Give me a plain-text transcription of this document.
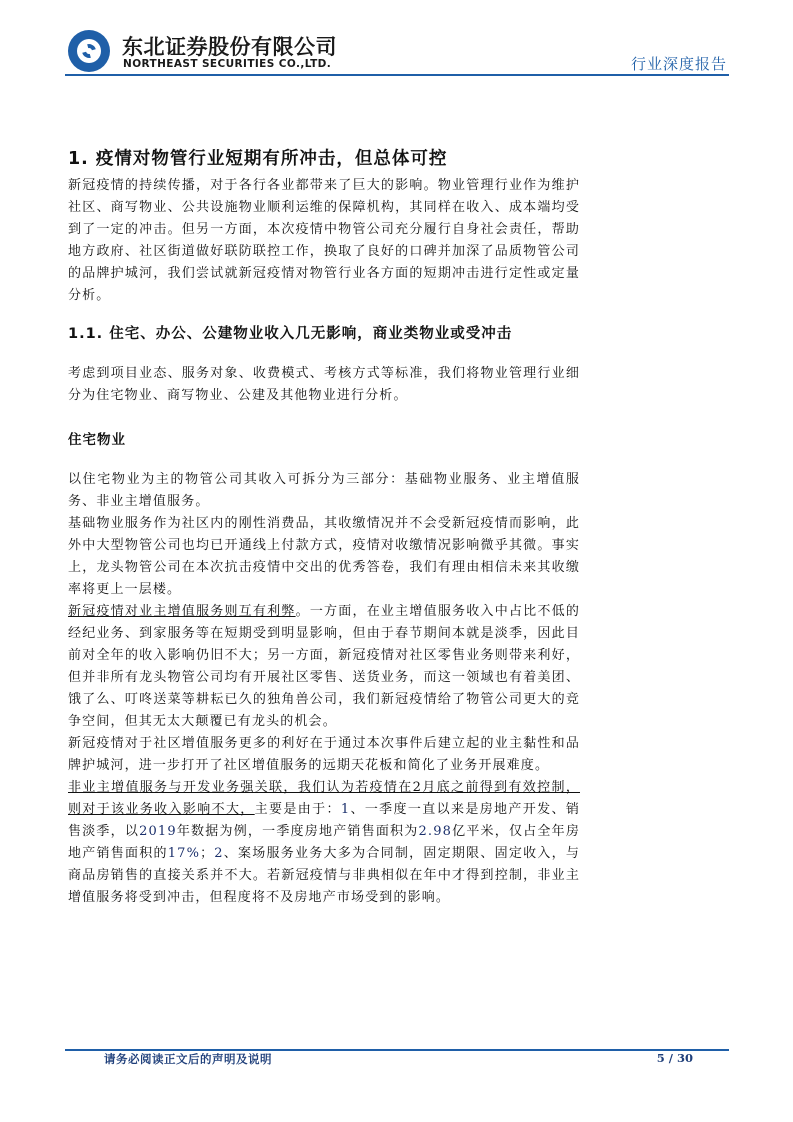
东北证券股份有限公司
NORTHEAST SECURITIES CO.,LTD.	行业深度报告
1. 疫情对物管行业短期有所冲击，但总体可控

新冠疫情的持续传播，对于各行各业都带来了巨大的影响。物业管理行业作为维护社区、商写物业、公共设施物业顺利运维的保障机构，其同样在收入、成本端均受到了一定的冲击。但另一方面，本次疫情中物管公司充分履行自身社会责任，帮助地方政府、社区街道做好联防联控工作，换取了良好的口碑并加深了品质物管公司的品牌护城河，我们尝试就新冠疫情对物管行业各方面的短期冲击进行定性或定量分析。

1.1. 住宅、办公、公建物业收入几无影响，商业类物业或受冲击

考虑到项目业态、服务对象、收费模式、考核方式等标准，我们将物业管理行业细分为住宅物业、商写物业、公建及其他物业进行分析。

住宅物业

以住宅物业为主的物管公司其收入可拆分为三部分：基础物业服务、业主增值服务、非业主增值服务。

基础物业服务作为社区内的刚性消费品，其收缴情况并不会受新冠疫情而影响，此外中大型物管公司也均已开通线上付款方式，疫情对收缴情况影响微乎其微。事实上，龙头物管公司在本次抗击疫情中交出的优秀答卷，我们有理由相信未来其收缴率将更上一层楼。

新冠疫情对业主增值服务则互有利弊。一方面，在业主增值服务收入中占比不低的经纪业务、到家服务等在短期受到明显影响，但由于春节期间本就是淡季，因此目前对全年的收入影响仍旧不大；另一方面，新冠疫情对社区零售业务则带来利好，但并非所有龙头物管公司均有开展社区零售、送货业务，而这一领域也有着美团、饿了么、叮咚送菜等耕耘已久的独角兽公司，我们新冠疫情给了物管公司更大的竞争空间，但其无太大颠覆已有龙头的机会。

新冠疫情对于社区增值服务更多的利好在于通过本次事件后建立起的业主黏性和品牌护城河，进一步打开了社区增值服务的远期天花板和简化了业务开展难度。

非业主增值服务与开发业务强关联，我们认为若疫情在2月底之前得到有效控制，则对于该业务收入影响不大，主要是由于：1、一季度一直以来是房地产开发、销售淡季，以2019年数据为例，一季度房地产销售面积为2.98亿平米，仅占全年房地产销售面积的17%；2、案场服务业务大多为合同制，固定期限、固定收入，与商品房销售的直接关系并不大。若新冠疫情与非典相似在年中才得到控制，非业主增值服务将受到冲击，但程度将不及房地产市场受到的影响。

请务必阅读正文后的声明及说明	5 / 30
